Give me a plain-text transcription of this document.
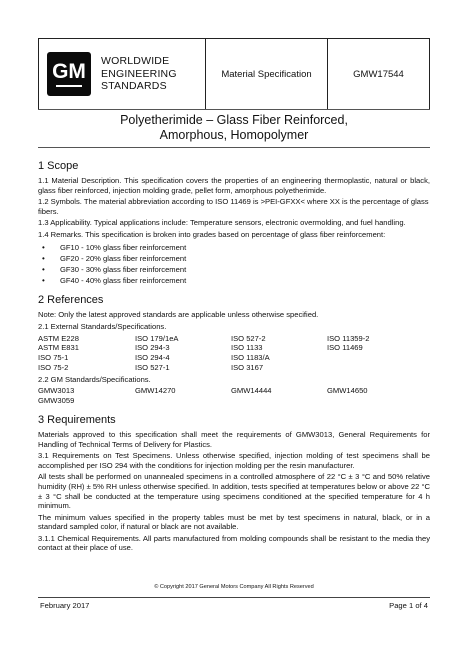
GM WORLDWIDE
ENGINEERING
STANDARDS
Material Specification	GMW17544
Polyetherimide – Glass Fiber Reinforced,
Amorphous, Homopolymer
1 Scope
1.1 Material Description. This specification covers the properties of an engineering thermoplastic, natural or black, glass fiber reinforced, injection molding grade, pellet form, amorphous polyetherimide.
1.2 Symbols. The material abbreviation according to ISO 11469 is >PEI-GFXX< where XX is the percentage of glass fibers.
1.3 Applicability. Typical applications include: Temperature sensors, electronic overmolding, and fuel handling.
1.4 Remarks. This specification is broken into grades based on percentage of glass fiber reinforcement:
• GF10 - 10% glass fiber reinforcement
• GF20 - 20% glass fiber reinforcement
• GF30 - 30% glass fiber reinforcement
• GF40 - 40% glass fiber reinforcement
2 References
Note: Only the latest approved standards are applicable unless otherwise specified.
2.1 External Standards/Specifications.
ASTM E228	ISO 179/1eA	ISO 527-2	ISO 11359-2
ASTM E831	ISO 294-3	ISO 1133	ISO 11469
ISO 75-1	ISO 294-4	ISO 1183/A
ISO 75-2	ISO 527-1	ISO 3167
2.2 GM Standards/Specifications.
GMW3013	GMW14270	GMW14444	GMW14650
GMW3059
3 Requirements
Materials approved to this specification shall meet the requirements of GMW3013, General Requirements for Handling of Technical Terms of Delivery for Plastics.
3.1 Requirements on Test Specimens. Unless otherwise specified, injection molding of test specimens shall be accomplished per ISO 294 with the conditions for injection molding per the resin manufacturer.
All tests shall be performed on unannealed specimens in a controlled atmosphere of 22 °C ± 3 °C and 50% relative humidity (RH) ± 5% RH unless otherwise specified. In addition, tests specified at temperatures below or above 22 °C ± 3 °C shall be conducted at the temperature using specimens conditioned at the specified temperature for 4 h minimum.
The minimum values specified in the property tables must be met by test specimens in natural, black, or in a standard sampled color, if natural or black are not available.
3.1.1 Chemical Requirements. All parts manufactured from molding compounds shall be resistant to the media they contact at their place of use.
© Copyright 2017 General Motors Company All Rights Reserved
February 2017	Page 1 of 4
